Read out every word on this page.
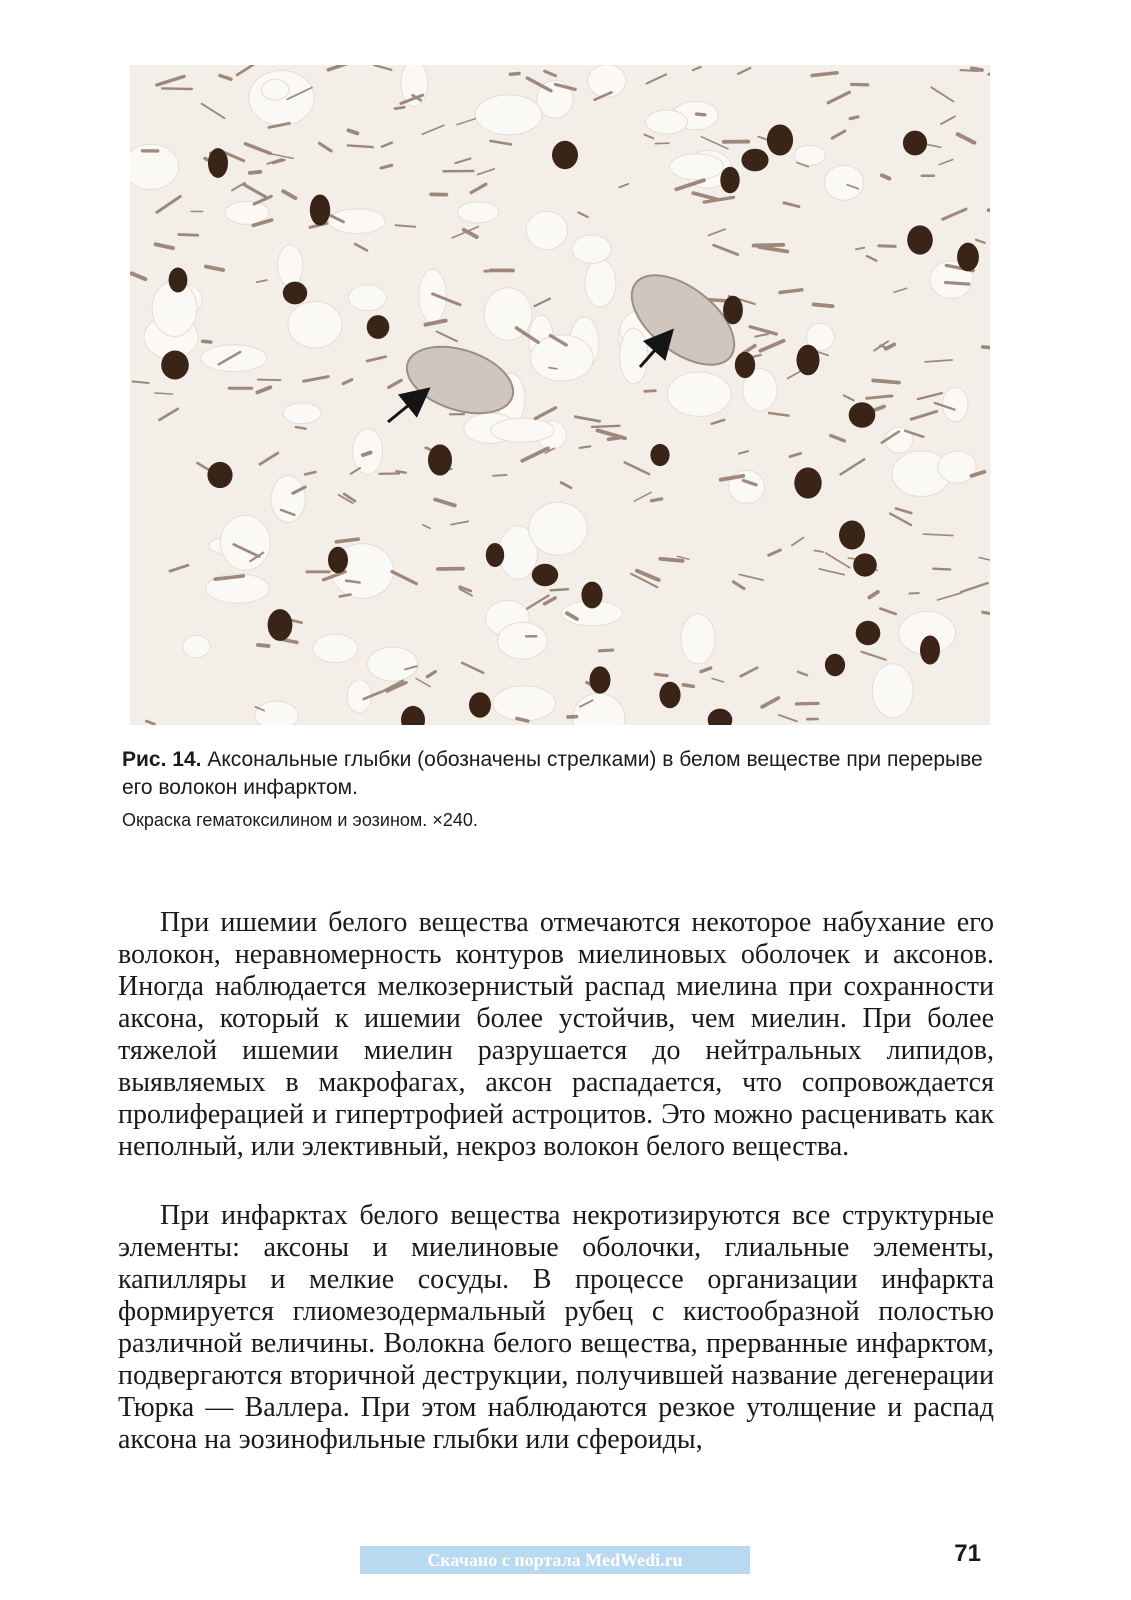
Рис. 14. Аксональные глыбки (обозначены стрелками) в белом веществе при перерыве его волокон инфарктом.
Окраска гематоксилином и эозином. ×240.

При ишемии белого вещества отмечаются некоторое набухание его волокон, неравномерность контуров миелиновых оболочек и аксонов. Иногда наблюдается мелкозернистый распад миелина при сохранности аксона, который к ишемии более устойчив, чем миелин. При более тяжелой ишемии миелин разрушается до нейтральных липидов, выявляемых в макрофагах, аксон распадается, что сопровождается пролиферацией и гипертрофией астроцитов. Это можно расценивать как неполный, или элективный, некроз волокон белого вещества.

При инфарктах белого вещества некротизируются все структурные элементы: аксоны и миелиновые оболочки, глиальные элементы, капилляры и мелкие сосуды. В процессе организации инфаркта формируется глиомезодермальный рубец с кистообразной полостью различной величины. Волокна белого вещества, прерванные инфарктом, подвергаются вторичной деструкции, получившей название дегенерации Тюрка — Валлера. При этом наблюдаются резкое утолщение и распад аксона на эозинофильные глыбки или сфероиды,

Скачано с портала MedWedi.ru	71
